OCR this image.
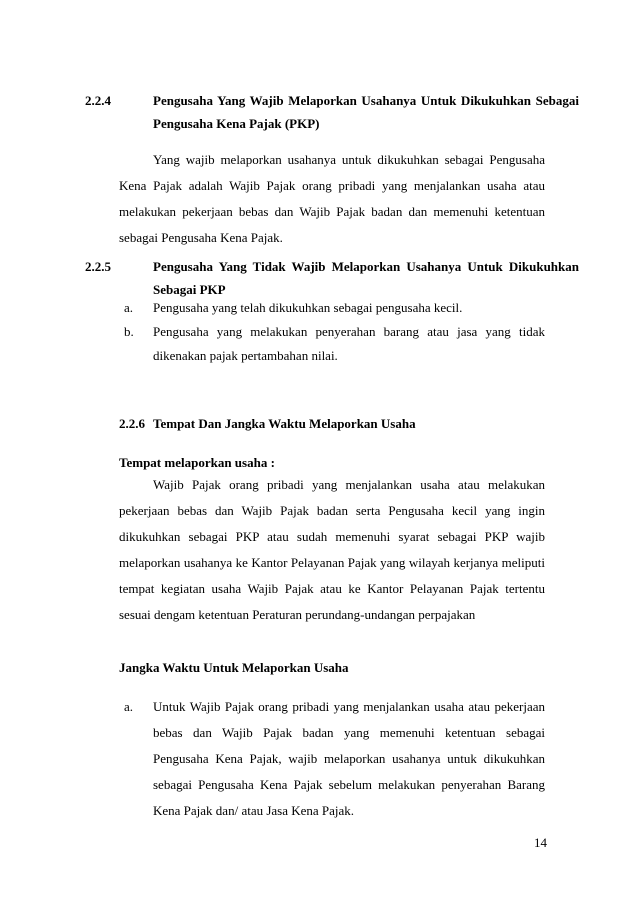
2.2.4	Pengusaha Yang Wajib Melaporkan Usahanya Untuk Dikukuhkan Sebagai Pengusaha Kena Pajak (PKP)
Yang wajib melaporkan usahanya untuk dikukuhkan sebagai Pengusaha Kena Pajak adalah Wajib Pajak orang pribadi yang menjalankan usaha atau melakukan pekerjaan bebas dan Wajib Pajak badan dan memenuhi ketentuan sebagai Pengusaha Kena Pajak.
2.2.5	Pengusaha Yang Tidak Wajib Melaporkan Usahanya Untuk Dikukuhkan Sebagai PKP
a. Pengusaha yang telah dikukuhkan sebagai pengusaha kecil.
b. Pengusaha yang melakukan penyerahan barang atau jasa yang tidak dikenakan pajak pertambahan nilai.
2.2.6 Tempat Dan Jangka Waktu Melaporkan Usaha
Tempat melaporkan usaha :
Wajib Pajak orang pribadi yang menjalankan usaha atau melakukan pekerjaan bebas dan Wajib Pajak badan serta Pengusaha kecil yang ingin dikukuhkan sebagai PKP atau sudah memenuhi syarat sebagai PKP wajib melaporkan usahanya ke Kantor Pelayanan Pajak yang wilayah kerjanya meliputi tempat kegiatan usaha Wajib Pajak atau ke Kantor Pelayanan Pajak tertentu sesuai dengam ketentuan Peraturan perundang-undangan perpajakan
Jangka Waktu Untuk Melaporkan Usaha
a. Untuk Wajib Pajak orang pribadi yang menjalankan usaha atau pekerjaan bebas dan Wajib Pajak badan yang memenuhi ketentuan sebagai Pengusaha Kena Pajak, wajib melaporkan usahanya untuk dikukuhkan sebagai Pengusaha Kena Pajak sebelum melakukan penyerahan Barang Kena Pajak dan/ atau Jasa Kena Pajak.
14
